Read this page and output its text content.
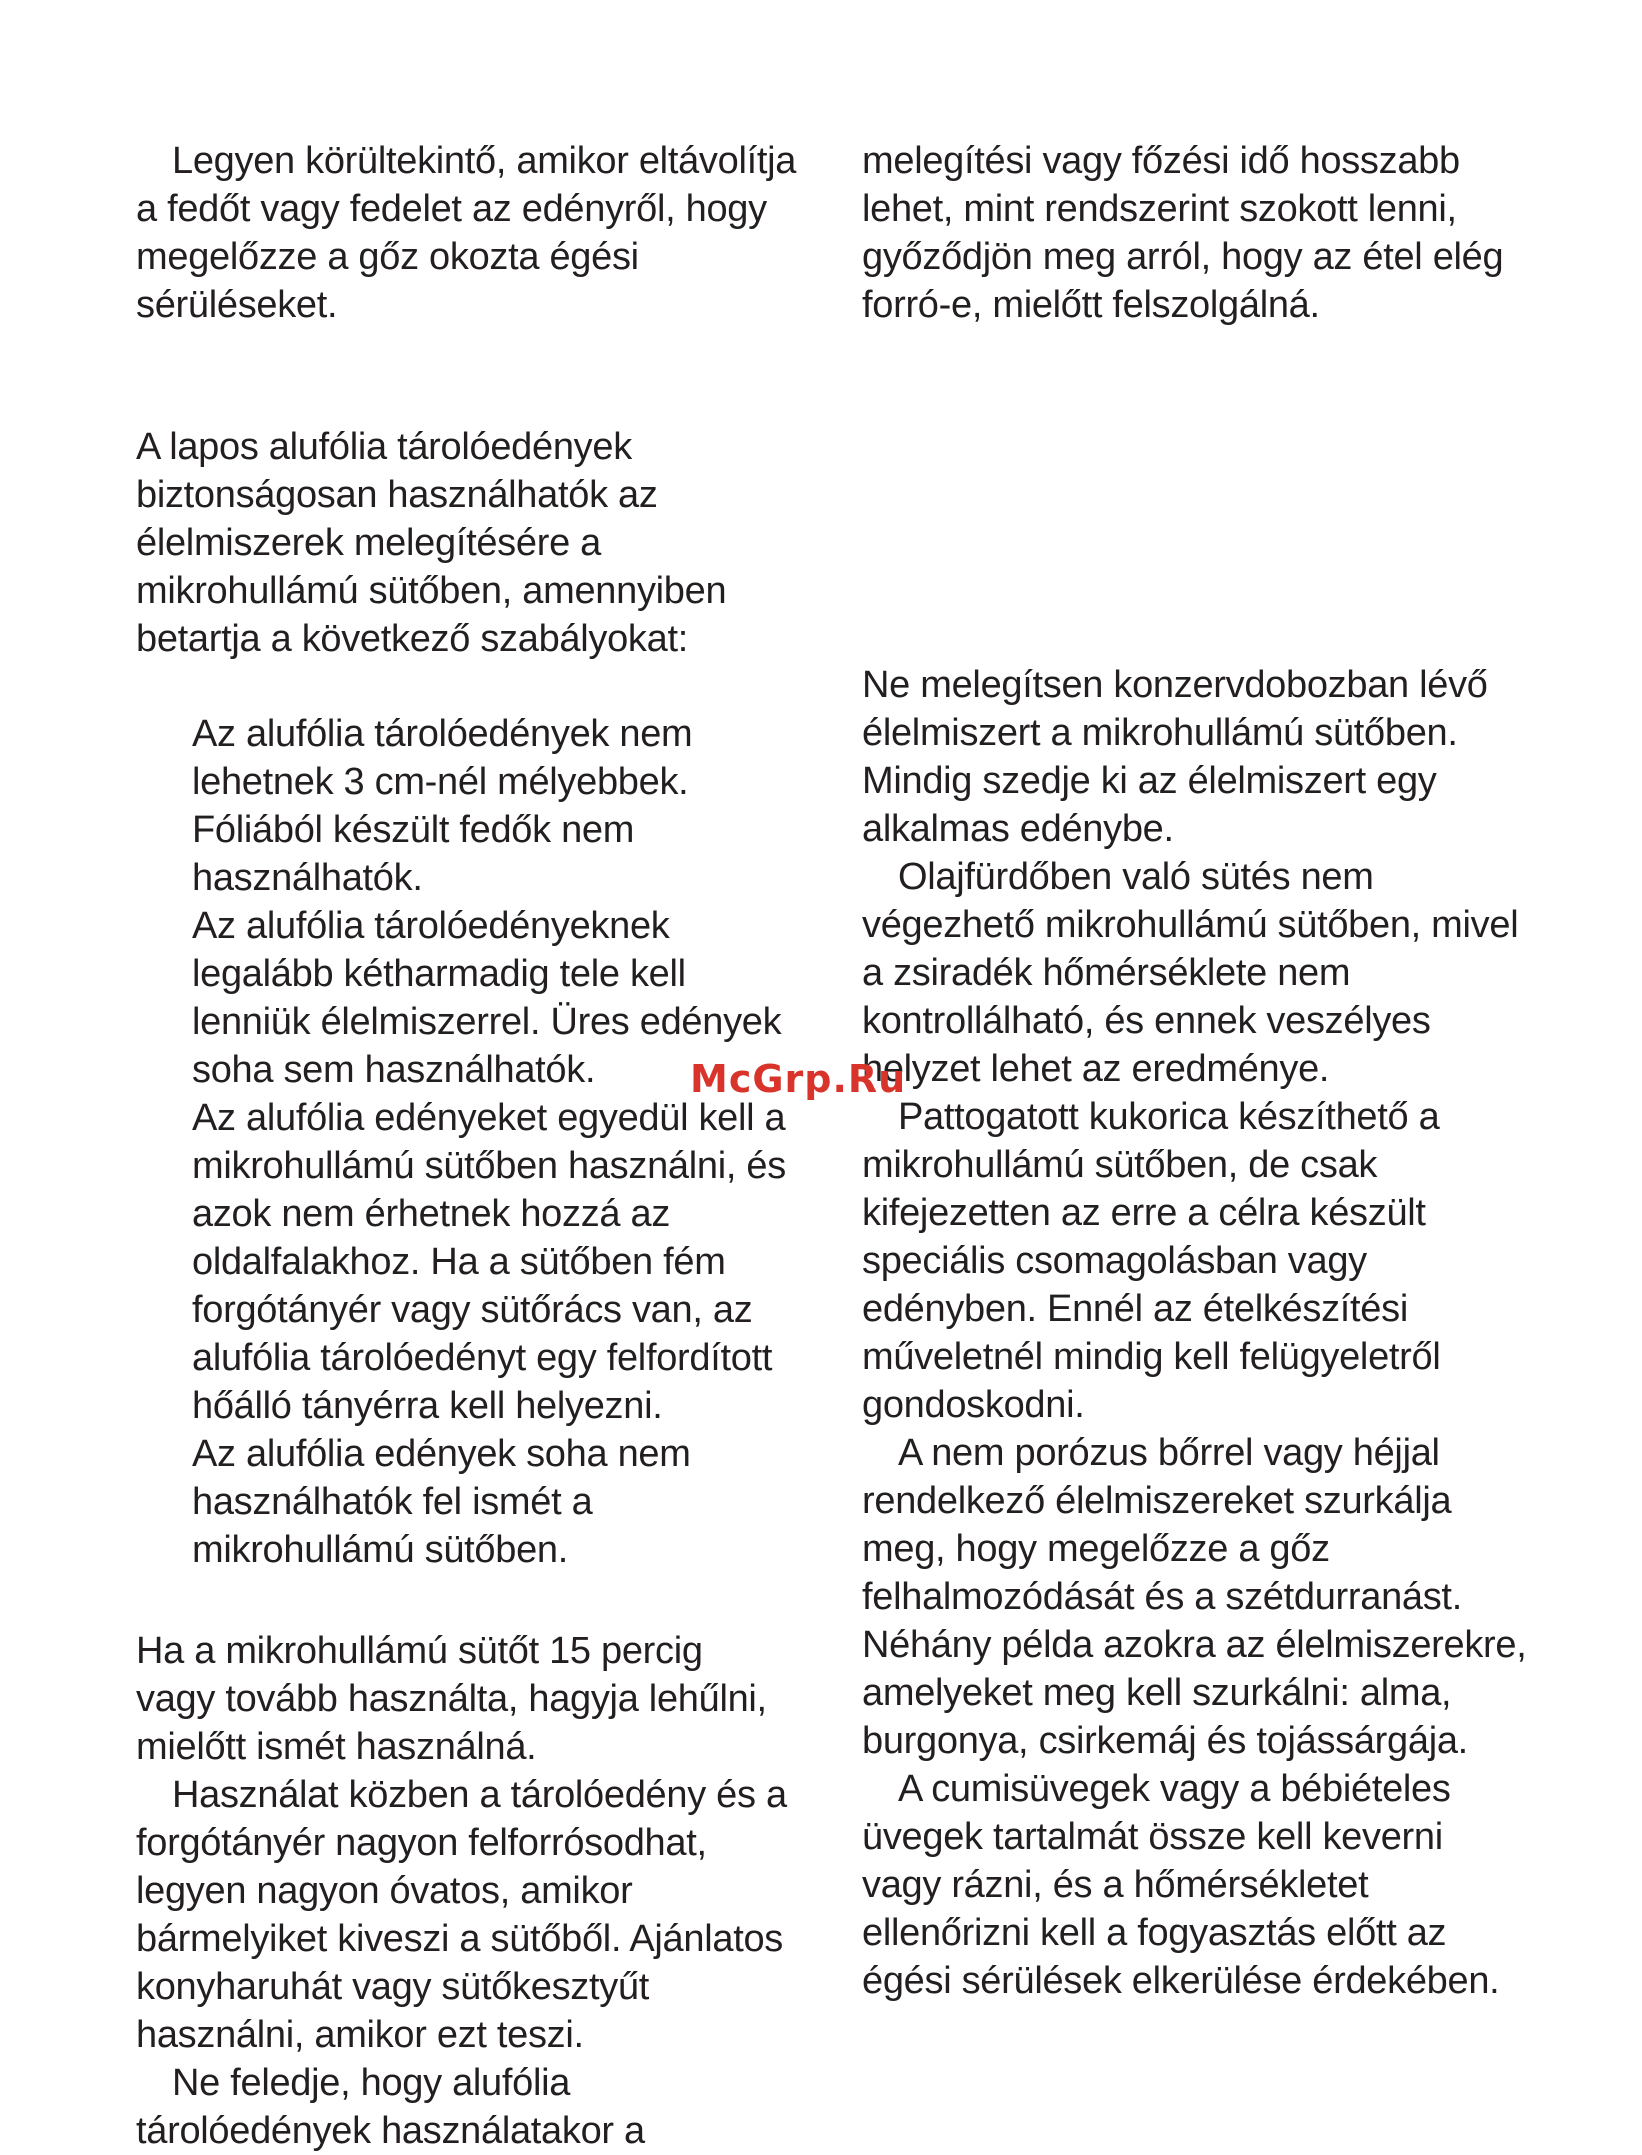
Legyen körültekintő, amikor eltávolítja
a fedőt vagy fedelet az edényről, hogy
megelőzze a gőz okozta égési
sérüléseket.
A lapos alufólia tárolóedények
biztonságosan használhatók az
élelmiszerek melegítésére a
mikrohullámú sütőben, amennyiben
betartja a következő szabályokat:
Az alufólia tárolóedények nem
lehetnek 3 cm-nél mélyebbek.
Fóliából készült fedők nem
használhatók.
Az alufólia tárolóedényeknek
legalább kétharmadig tele kell
lenniük élelmiszerrel. Üres edények
soha sem használhatók.
Az alufólia edényeket egyedül kell a
mikrohullámú sütőben használni, és
azok nem érhetnek hozzá az
oldalfalakhoz. Ha a sütőben fém
forgótányér vagy sütőrács van, az
alufólia tárolóedényt egy felfordított
hőálló tányérra kell helyezni.
Az alufólia edények soha nem
használhatók fel ismét a
mikrohullámú sütőben.
Ha a mikrohullámú sütőt 15 percig
vagy tovább használta, hagyja lehűlni,
mielőtt ismét használná.
Használat közben a tárolóedény és a
forgótányér nagyon felforrósodhat,
legyen nagyon óvatos, amikor
bármelyiket kiveszi a sütőből. Ajánlatos
konyharuhát vagy sütőkesztyűt
használni, amikor ezt teszi.
Ne feledje, hogy alufólia
tárolóedények használatakor a
melegítési vagy főzési idő hosszabb
lehet, mint rendszerint szokott lenni,
győződjön meg arról, hogy az étel elég
forró-e, mielőtt felszolgálná.
Ne melegítsen konzervdobozban lévő
élelmiszert a mikrohullámú sütőben.
Mindig szedje ki az élelmiszert egy
alkalmas edénybe.
Olajfürdőben való sütés nem
végezhető mikrohullámú sütőben, mivel
a zsiradék hőmérséklete nem
kontrollálható, és ennek veszélyes
helyzet lehet az eredménye.
Pattogatott kukorica készíthető a
mikrohullámú sütőben, de csak
kifejezetten az erre a célra készült
speciális csomagolásban vagy
edényben. Ennél az ételkészítési
műveletnél mindig kell felügyeletről
gondoskodni.
A nem porózus bőrrel vagy héjjal
rendelkező élelmiszereket szurkálja
meg, hogy megelőzze a gőz
felhalmozódását és a szétdurranást.
Néhány példa azokra az élelmiszerekre,
amelyeket meg kell szurkálni: alma,
burgonya, csirkemáj és tojássárgája.
A cumisüvegek vagy a bébiételes
üvegek tartalmát össze kell keverni
vagy rázni, és a hőmérsékletet
ellenőrizni kell a fogyasztás előtt az
égési sérülések elkerülése érdekében.
McGrp.Ru
